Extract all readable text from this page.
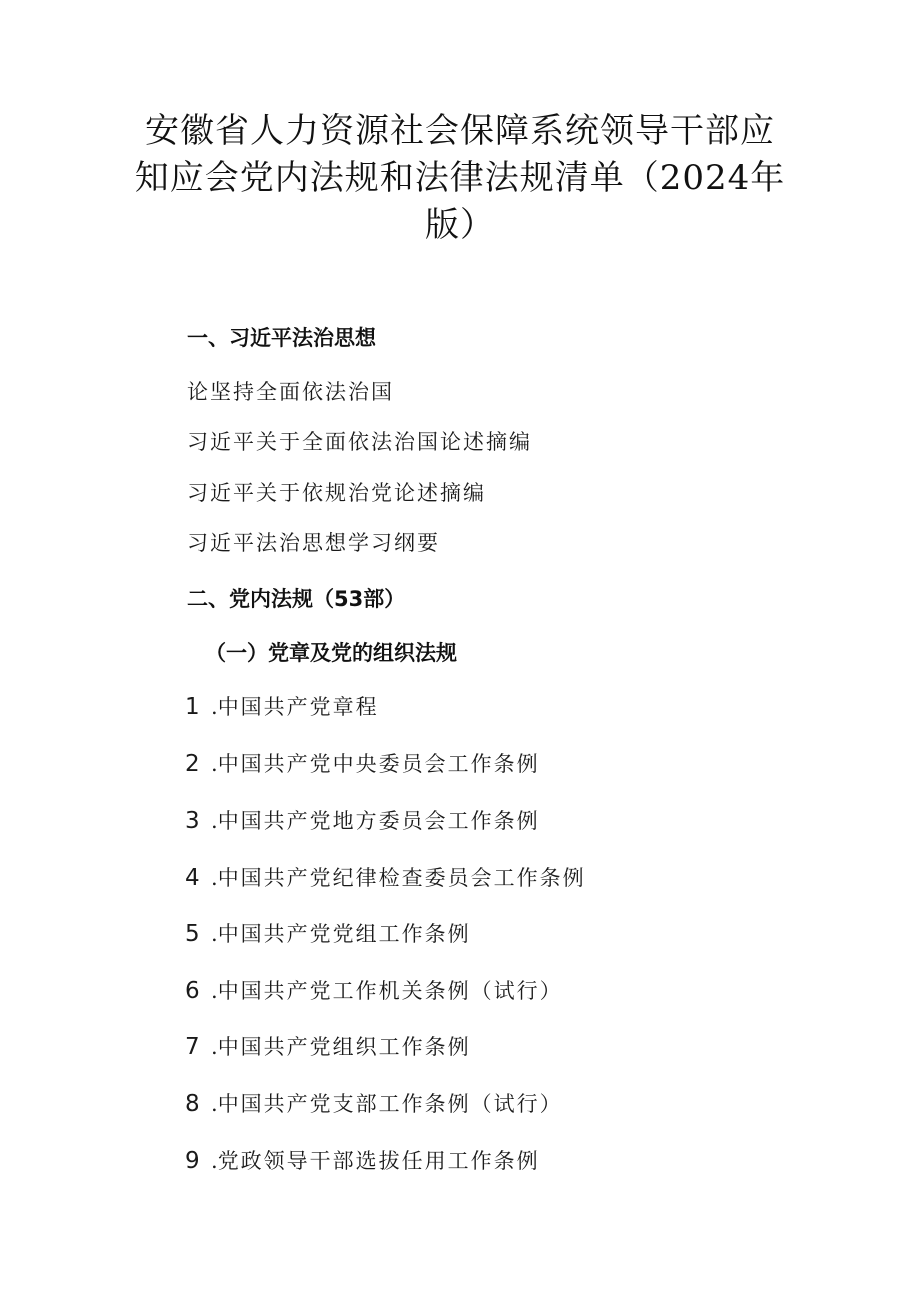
安徽省人力资源社会保障系统领导干部应
知应会党内法规和法律法规清单（2024年
版）
一、习近平法治思想
论坚持全面依法治国
习近平关于全面依法治国论述摘编
习近平关于依规治党论述摘编
习近平法治思想学习纲要
二、党内法规（53部）
（一）党章及党的组织法规
1 .中国共产党章程
2 .中国共产党中央委员会工作条例
3 .中国共产党地方委员会工作条例
4 .中国共产党纪律检查委员会工作条例
5 .中国共产党党组工作条例
6 .中国共产党工作机关条例（试行）
7 .中国共产党组织工作条例
8 .中国共产党支部工作条例（试行）
9 .党政领导干部选拔任用工作条例
